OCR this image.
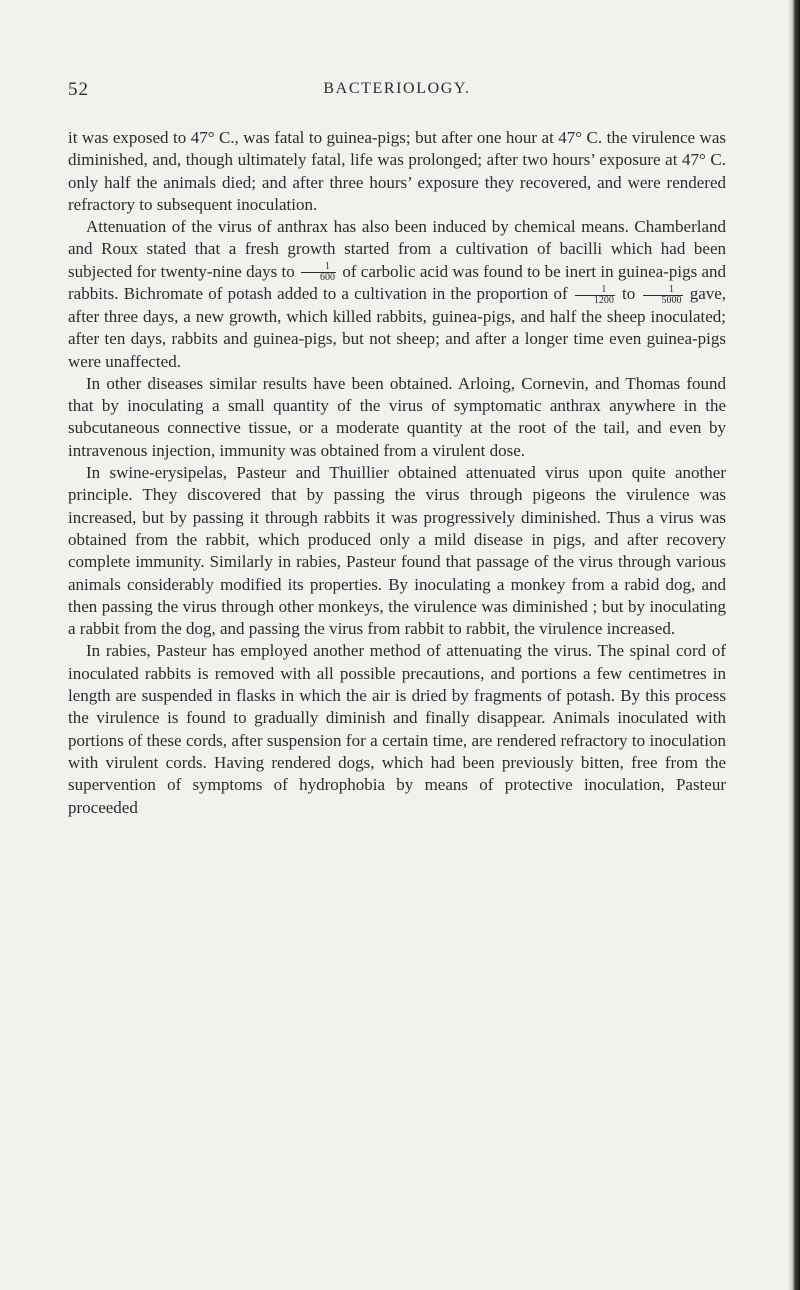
52	BACTERIOLOGY.

it was exposed to 47° C., was fatal to guinea-pigs; but after one hour at 47° C. the virulence was diminished, and, though ultimately fatal, life was prolonged; after two hours’ exposure at 47° C. only half the animals died; and after three hours’ exposure they recovered, and were rendered refractory to subsequent inoculation.

Attenuation of the virus of anthrax has also been induced by chemical means. Chamberland and Roux stated that a fresh growth started from a cultivation of bacilli which had been subjected for twenty-nine days to $\frac{1}{600}$ of carbolic acid was found to be inert in guinea-pigs and rabbits. Bichromate of potash added to a cultivation in the proportion of $\frac{1}{1200}$ to $\frac{1}{5000}$ gave, after three days, a new growth, which killed rabbits, guinea-pigs, and half the sheep inoculated; after ten days, rabbits and guinea-pigs, but not sheep; and after a longer time even guinea-pigs were unaffected.

In other diseases similar results have been obtained. Arloing, Cornevin, and Thomas found that by inoculating a small quantity of the virus of symptomatic anthrax anywhere in the subcutaneous connective tissue, or a moderate quantity at the root of the tail, and even by intravenous injection, immunity was obtained from a virulent dose.

In swine-erysipelas, Pasteur and Thuillier obtained attenuated virus upon quite another principle. They discovered that by passing the virus through pigeons the virulence was increased, but by passing it through rabbits it was progressively diminished. Thus a virus was obtained from the rabbit, which produced only a mild disease in pigs, and after recovery complete immunity. Similarly in rabies, Pasteur found that passage of the virus through various animals considerably modified its properties. By inoculating a monkey from a rabid dog, and then passing the virus through other monkeys, the virulence was diminished ; but by inoculating a rabbit from the dog, and passing the virus from rabbit to rabbit, the virulence increased.

In rabies, Pasteur has employed another method of attenuating the virus. The spinal cord of inoculated rabbits is removed with all possible precautions, and portions a few centimetres in length are suspended in flasks in which the air is dried by fragments of potash. By this process the virulence is found to gradually diminish and finally disappear. Animals inoculated with portions of these cords, after suspension for a certain time, are rendered refractory to inoculation with virulent cords. Having rendered dogs, which had been previously bitten, free from the supervention of symptoms of hydrophobia by means of protective inoculation, Pasteur proceeded
